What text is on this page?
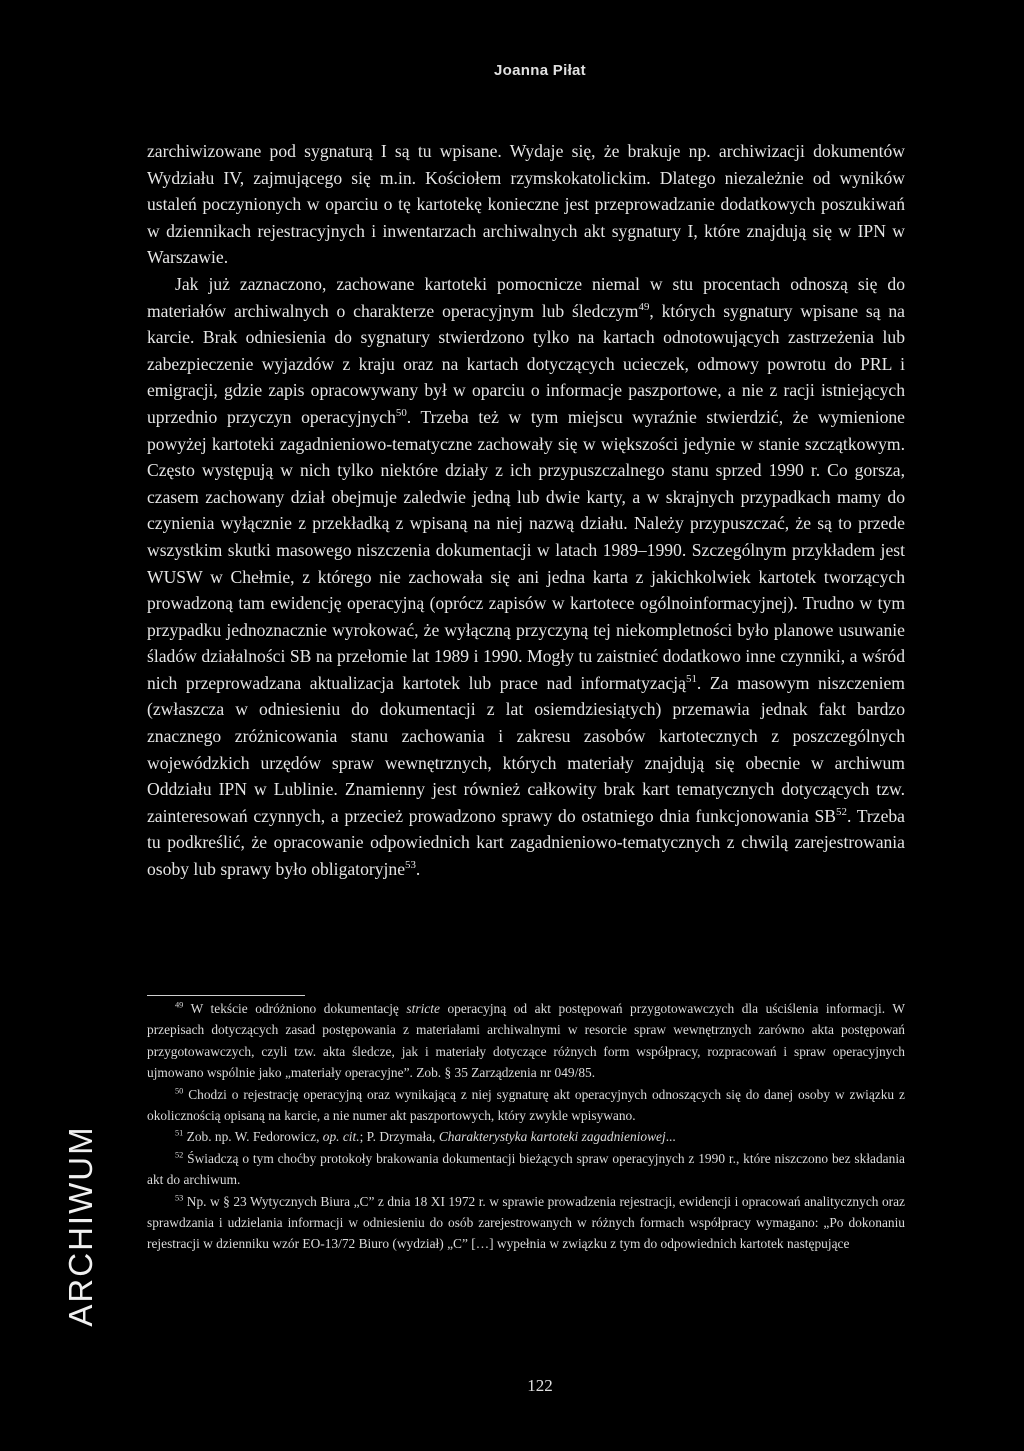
Joanna Piłat

zarchiwizowane pod sygnaturą I są tu wpisane. Wydaje się, że brakuje np. archiwizacji dokumentów Wydziału IV, zajmującego się m.in. Kościołem rzymskokatolickim. Dlatego niezależnie od wyników ustaleń poczynionych w oparciu o tę kartotekę konieczne jest przeprowadzanie dodatkowych poszukiwań w dziennikach rejestracyjnych i inwentarzach archiwalnych akt sygnatury I, które znajdują się w IPN w Warszawie.

Jak już zaznaczono, zachowane kartoteki pomocnicze niemal w stu procentach odnoszą się do materiałów archiwalnych o charakterze operacyjnym lub śledczym$^{49}$, których sygnatury wpisane są na karcie. Brak odniesienia do sygnatury stwierdzono tylko na kartach odnotowujących zastrzeżenia lub zabezpieczenie wyjazdów z kraju oraz na kartach dotyczących ucieczek, odmowy powrotu do PRL i emigracji, gdzie zapis opracowywany był w oparciu o informacje paszportowe, a nie z racji istniejących uprzednio przyczyn operacyjnych$^{50}$. Trzeba też w tym miejscu wyraźnie stwierdzić, że wymienione powyżej kartoteki zagadnieniowo-tematyczne zachowały się w większości jedynie w stanie szczątkowym. Często występują w nich tylko niektóre działy z ich przypuszczalnego stanu sprzed 1990 r. Co gorsza, czasem zachowany dział obejmuje zaledwie jedną lub dwie karty, a w skrajnych przypadkach mamy do czynienia wyłącznie z przekładką z wpisaną na niej nazwą działu. Należy przypuszczać, że są to przede wszystkim skutki masowego niszczenia dokumentacji w latach 1989–1990. Szczególnym przykładem jest WUSW w Chełmie, z którego nie zachowała się ani jedna karta z jakichkolwiek kartotek tworzących prowadzoną tam ewidencję operacyjną (oprócz zapisów w kartotece ogólnoinformacyjnej). Trudno w tym przypadku jednoznacznie wyrokować, że wyłączną przyczyną tej niekompletności było planowe usuwanie śladów działalności SB na przełomie lat 1989 i 1990. Mogły tu zaistnieć dodatkowo inne czynniki, a wśród nich przeprowadzana aktualizacja kartotek lub prace nad informatyzacją$^{51}$. Za masowym niszczeniem (zwłaszcza w odniesieniu do dokumentacji z lat osiemdziesiątych) przemawia jednak fakt bardzo znacznego zróżnicowania stanu zachowania i zakresu zasobów kartotecznych z poszczególnych wojewódzkich urzędów spraw wewnętrznych, których materiały znajdują się obecnie w archiwum Oddziału IPN w Lublinie. Znamienny jest również całkowity brak kart tematycznych dotyczących tzw. zainteresowań czynnych, a przecież prowadzono sprawy do ostatniego dnia funkcjonowania SB$^{52}$. Trzeba tu podkreślić, że opracowanie odpowiednich kart zagadnieniowo-tematycznych z chwilą zarejestrowania osoby lub sprawy było obligatoryjne$^{53}$.

$^{49}$ W tekście odróżniono dokumentację stricte operacyjną od akt postępowań przygotowawczych dla uściślenia informacji. W przepisach dotyczących zasad postępowania z materiałami archiwalnymi w resorcie spraw wewnętrznych zarówno akta postępowań przygotowawczych, czyli tzw. akta śledcze, jak i materiały dotyczące różnych form współpracy, rozpracowań i spraw operacyjnych ujmowano wspólnie jako „materiały operacyjne”. Zob. § 35 Zarządzenia nr 049/85.

$^{50}$ Chodzi o rejestrację operacyjną oraz wynikającą z niej sygnaturę akt operacyjnych odnoszących się do danej osoby w związku z okolicznością opisaną na karcie, a nie numer akt paszportowych, który zwykle wpisywano.

$^{51}$ Zob. np. W. Fedorowicz, op. cit.; P. Drzymała, Charakterystyka kartoteki zagadnieniowej...

$^{52}$ Świadczą o tym choćby protokoły brakowania dokumentacji bieżących spraw operacyjnych z 1990 r., które niszczono bez składania akt do archiwum.

$^{53}$ Np. w § 23 Wytycznych Biura „C” z dnia 18 XI 1972 r. w sprawie prowadzenia rejestracji, ewidencji i opracowań analitycznych oraz sprawdzania i udzielania informacji w odniesieniu do osób zarejestrowanych w różnych formach współpracy wymagano: „Po dokonaniu rejestracji w dzienniku wzór EO-13/72 Biuro (wydział) „C” […] wypełnia w związku z tym do odpowiednich kartotek następujące

122
ARCHIWUM
